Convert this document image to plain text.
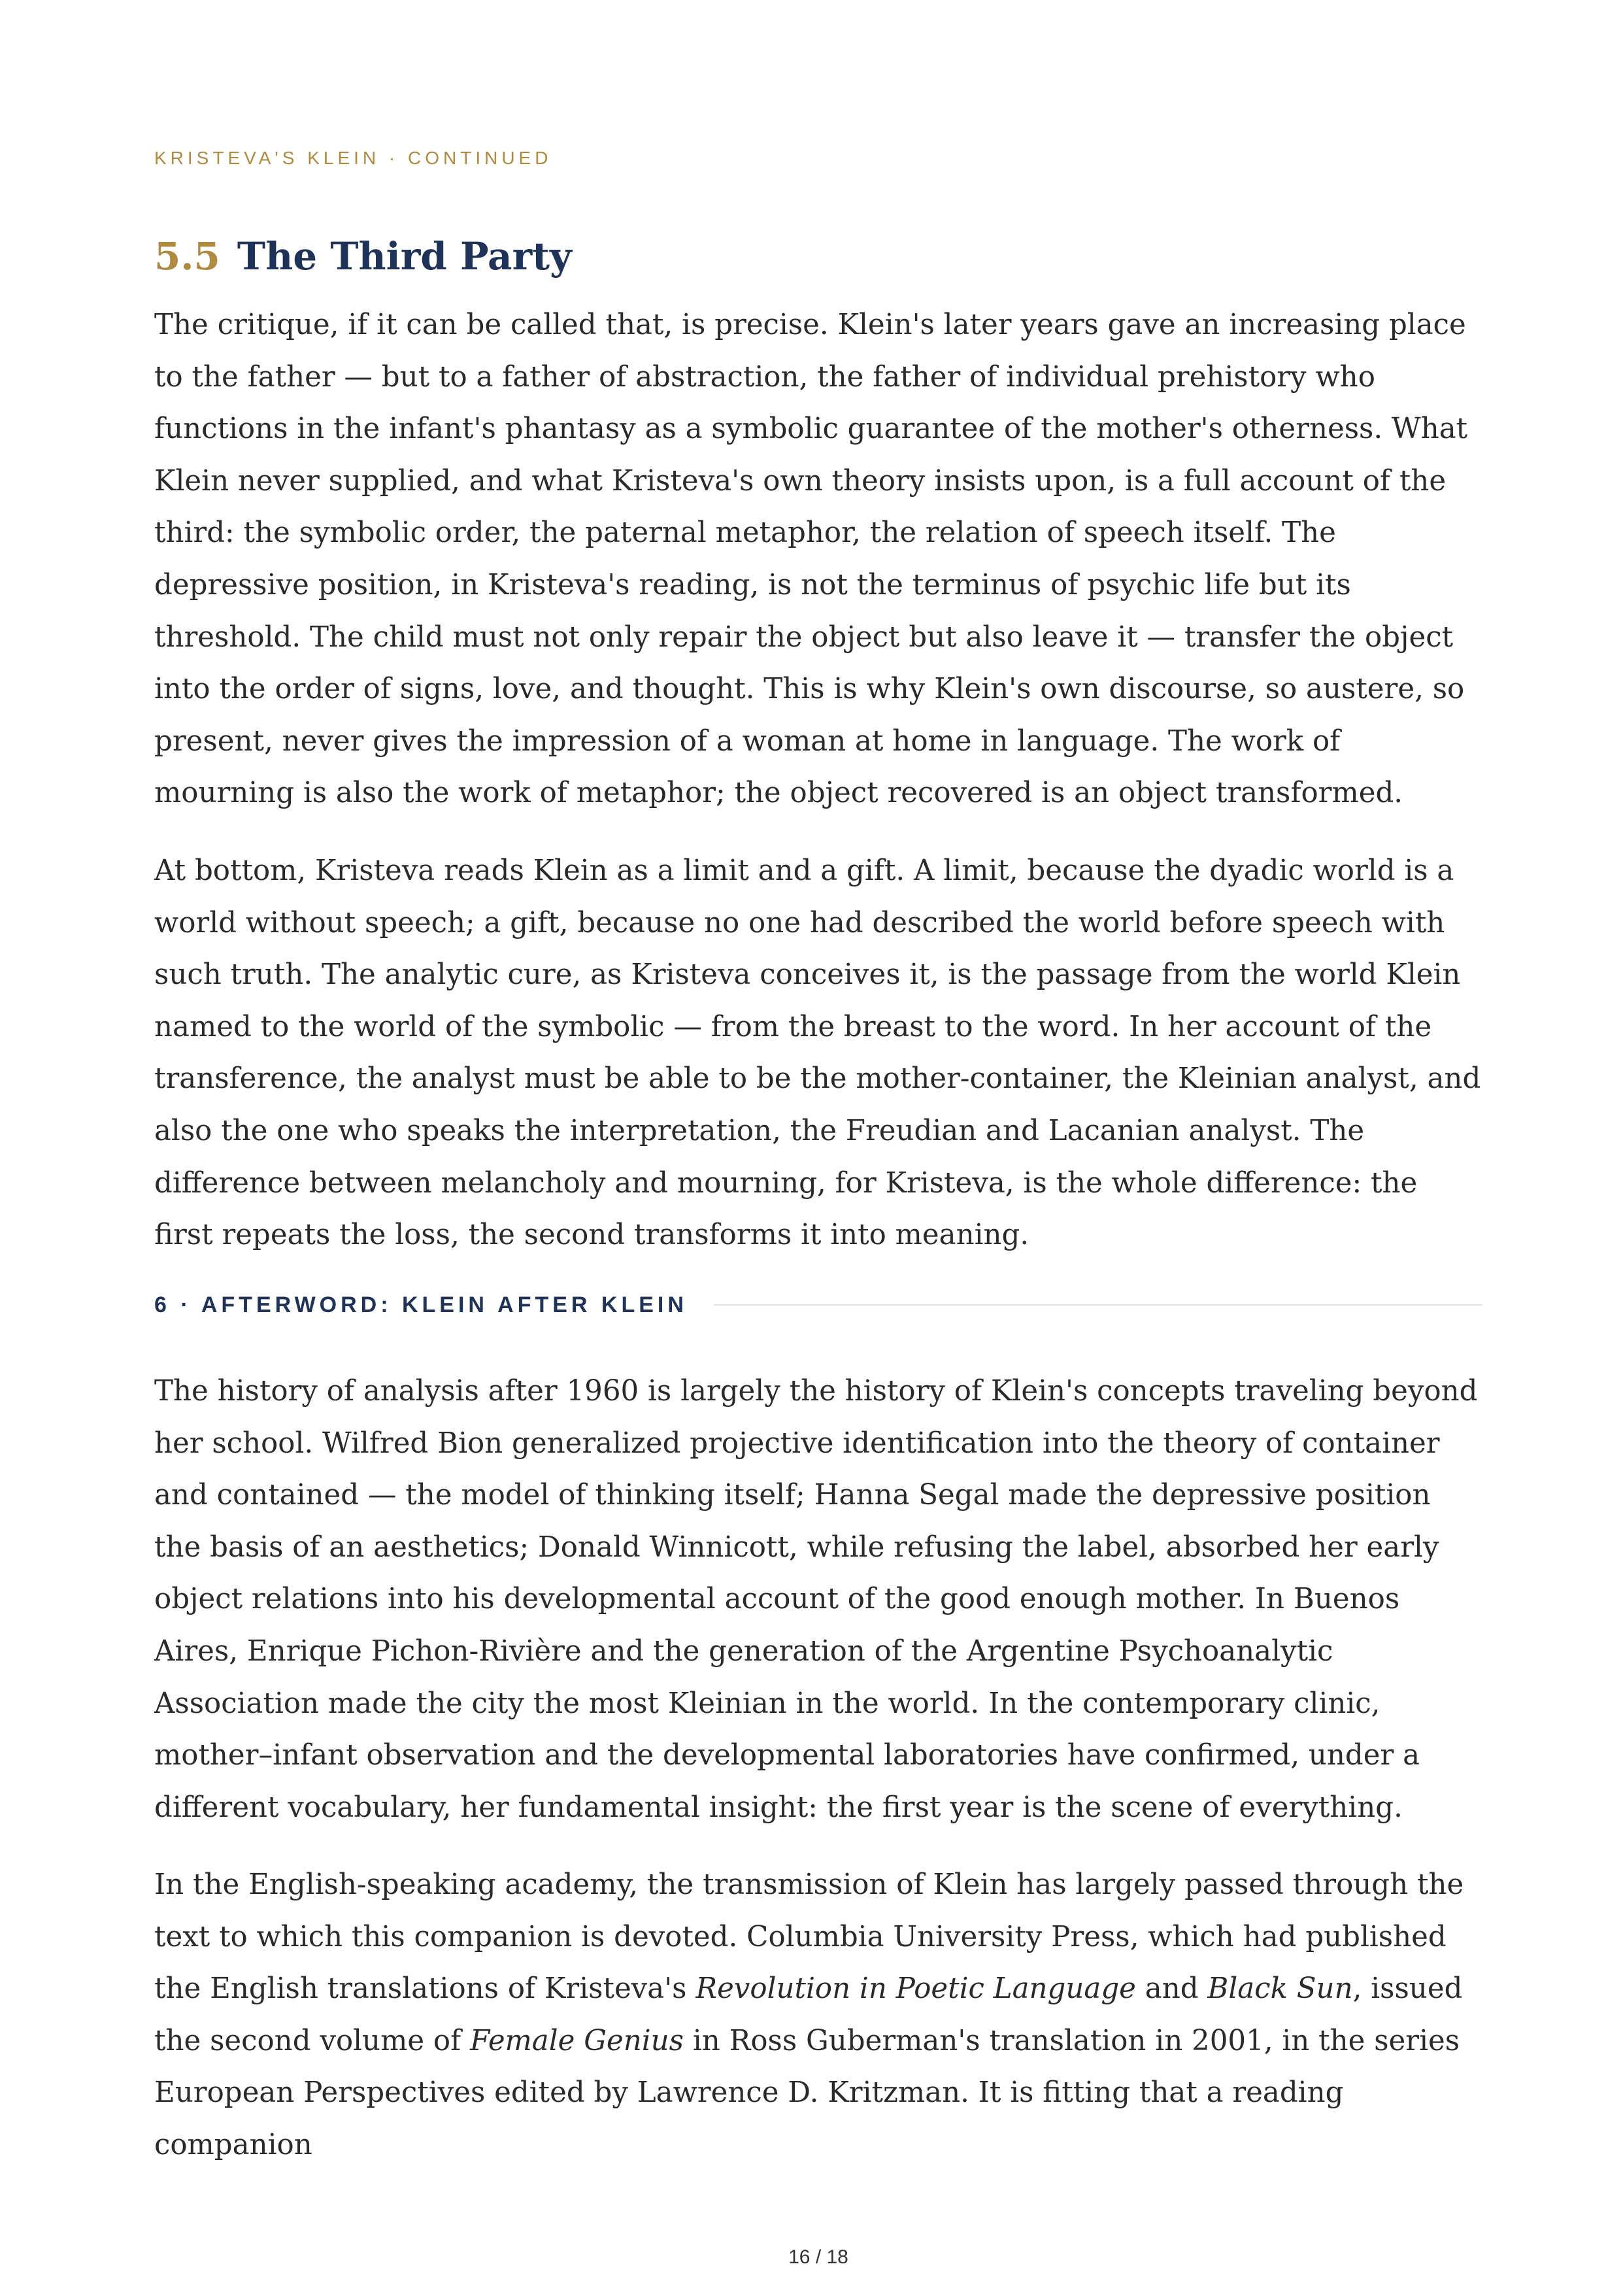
KRISTEVA'S KLEIN · CONTINUED
5.5 The Third Party

The critique, if it can be called that, is precise. Klein's later years gave an increasing place to the father — but to a father of abstraction, the father of individual prehistory who functions in the infant's phantasy as a symbolic guarantee of the mother's otherness. What Klein never supplied, and what Kristeva's own theory insists upon, is a full account of the third: the symbolic order, the paternal metaphor, the relation of speech itself. The depressive position, in Kristeva's reading, is not the terminus of psychic life but its threshold. The child must not only repair the object but also leave it — transfer the object into the order of signs, love, and thought. This is why Klein's own discourse, so austere, so present, never gives the impression of a woman at home in language. The work of mourning is also the work of metaphor; the object recovered is an object transformed.

At bottom, Kristeva reads Klein as a limit and a gift. A limit, because the dyadic world is a world without speech; a gift, because no one had described the world before speech with such truth. The analytic cure, as Kristeva conceives it, is the passage from the world Klein named to the world of the symbolic — from the breast to the word. In her account of the transference, the analyst must be able to be the mother-container, the Kleinian analyst, and also the one who speaks the interpretation, the Freudian and Lacanian analyst. The difference between melancholy and mourning, for Kristeva, is the whole difference: the first repeats the loss, the second transforms it into meaning.

6 · AFTERWORD: KLEIN AFTER KLEIN

The history of analysis after 1960 is largely the history of Klein's concepts traveling beyond her school. Wilfred Bion generalized projective identification into the theory of container and contained — the model of thinking itself; Hanna Segal made the depressive position the basis of an aesthetics; Donald Winnicott, while refusing the label, absorbed her early object relations into his developmental account of the good enough mother. In Buenos Aires, Enrique Pichon-Rivière and the generation of the Argentine Psychoanalytic Association made the city the most Kleinian in the world. In the contemporary clinic, mother–infant observation and the developmental laboratories have confirmed, under a different vocabulary, her fundamental insight: the first year is the scene of everything.

In the English-speaking academy, the transmission of Klein has largely passed through the text to which this companion is devoted. Columbia University Press, which had published the English translations of Kristeva's Revolution in Poetic Language and Black Sun, issued the second volume of Female Genius in Ross Guberman's translation in 2001, in the series European Perspectives edited by Lawrence D. Kritzman. It is fitting that a reading companion

16 / 18
